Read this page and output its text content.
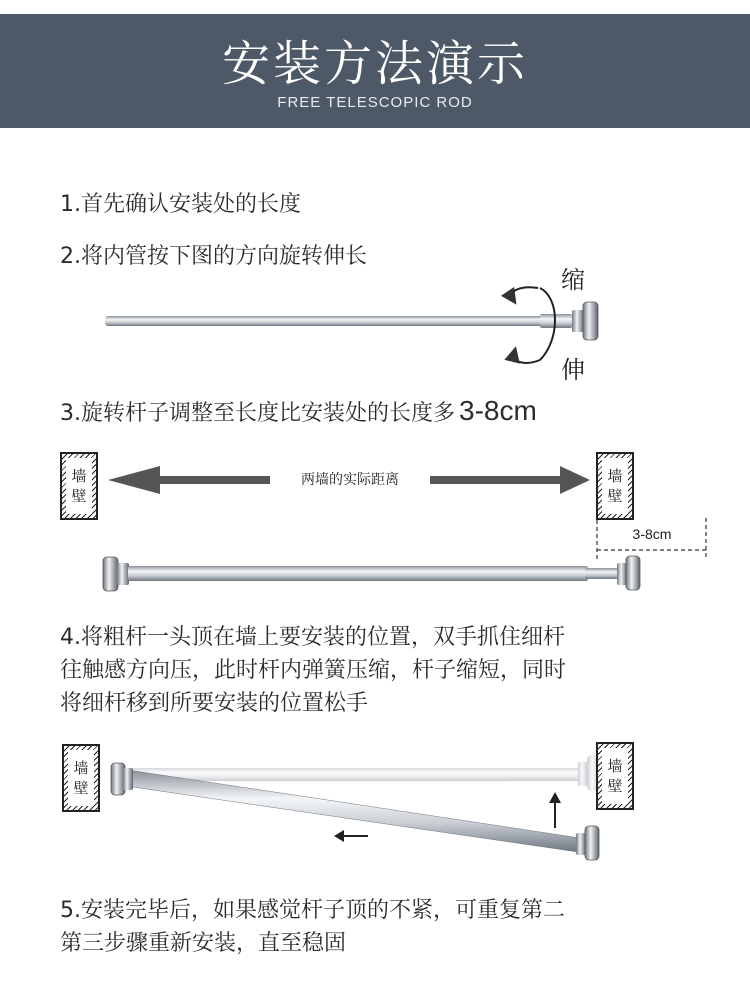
安装方法演示
FREE TELESCOPIC ROD
1.首先确认安装处的长度
2.将内管按下图的方向旋转伸长
3.旋转杆子调整至长度比安装处的长度多 3-8cm
4.将粗杆一头顶在墙上要安装的位置，双手抓住细杆
往触感方向压，此时杆内弹簧压缩，杆子缩短，同时
将细杆移到所要安装的位置松手
5.安装完毕后，如果感觉杆子顶的不紧，可重复第二
第三步骤重新安装，直至稳固
缩
伸
两墙的实际距离
3-8cm
墙
壁
墙
壁
墙
壁
墙
壁
